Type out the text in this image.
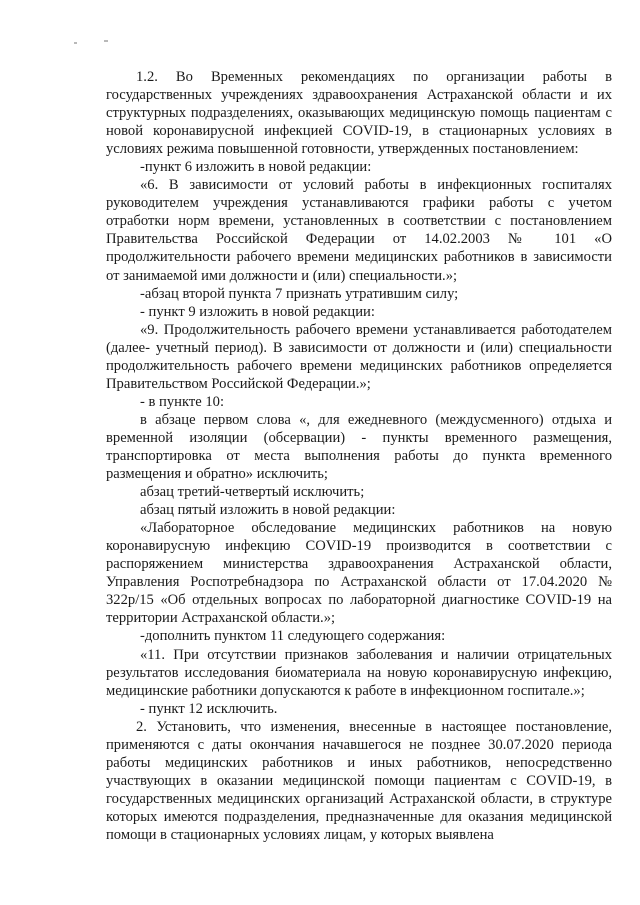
1.2. Во Временных рекомендациях по организации работы в государственных учреждениях здравоохранения Астраханской области и их структурных подразделениях, оказывающих медицинскую помощь пациентам с новой коронавирусной инфекцией COVID-19, в стационарных условиях в условиях режима повышенной готовности, утвержденных постановлением:

-пункт 6 изложить в новой редакции:

«6. В зависимости от условий работы в инфекционных госпиталях руководителем учреждения устанавливаются графики работы с учетом отработки норм времени, установленных в соответствии с постановлением Правительства Российской Федерации от 14.02.2003 № 101 «О продолжительности рабочего времени медицинских работников в зависимости от занимаемой ими должности и (или) специальности.»;

-абзац второй пункта 7 признать утратившим силу;

- пункт 9 изложить в новой редакции:

«9. Продолжительность рабочего времени устанавливается работодателем (далее- учетный период). В зависимости от должности и (или) специальности продолжительность рабочего времени медицинских работников определяется Правительством Российской Федерации.»;

- в пункте 10:

в абзаце первом слова «, для ежедневного (междусменного) отдыха и временной изоляции (обсервации) - пункты временного размещения, транспортировка от места выполнения работы до пункта временного размещения и обратно» исключить;

абзац третий-четвертый исключить;

абзац пятый изложить в новой редакции:

«Лабораторное обследование медицинских работников на новую коронавирусную инфекцию COVID-19 производится в соответствии с распоряжением министерства здравоохранения Астраханской области, Управления Роспотребнадзора по Астраханской области от 17.04.2020 № 322р/15 «Об отдельных вопросах по лабораторной диагностике COVID-19 на территории Астраханской области.»;

-дополнить пунктом 11 следующего содержания:

«11. При отсутствии признаков заболевания и наличии отрицательных результатов исследования биоматериала на новую коронавирусную инфекцию, медицинские работники допускаются к работе в инфекционном госпитале.»;

- пункт 12 исключить.

2. Установить, что изменения, внесенные в настоящее постановление, применяются с даты окончания начавшегося не позднее 30.07.2020 периода работы медицинских работников и иных работников, непосредственно участвующих в оказании медицинской помощи пациентам с COVID-19, в государственных медицинских организаций Астраханской области, в структуре которых имеются подразделения, предназначенные для оказания медицинской помощи в стационарных условиях лицам, у которых выявлена
